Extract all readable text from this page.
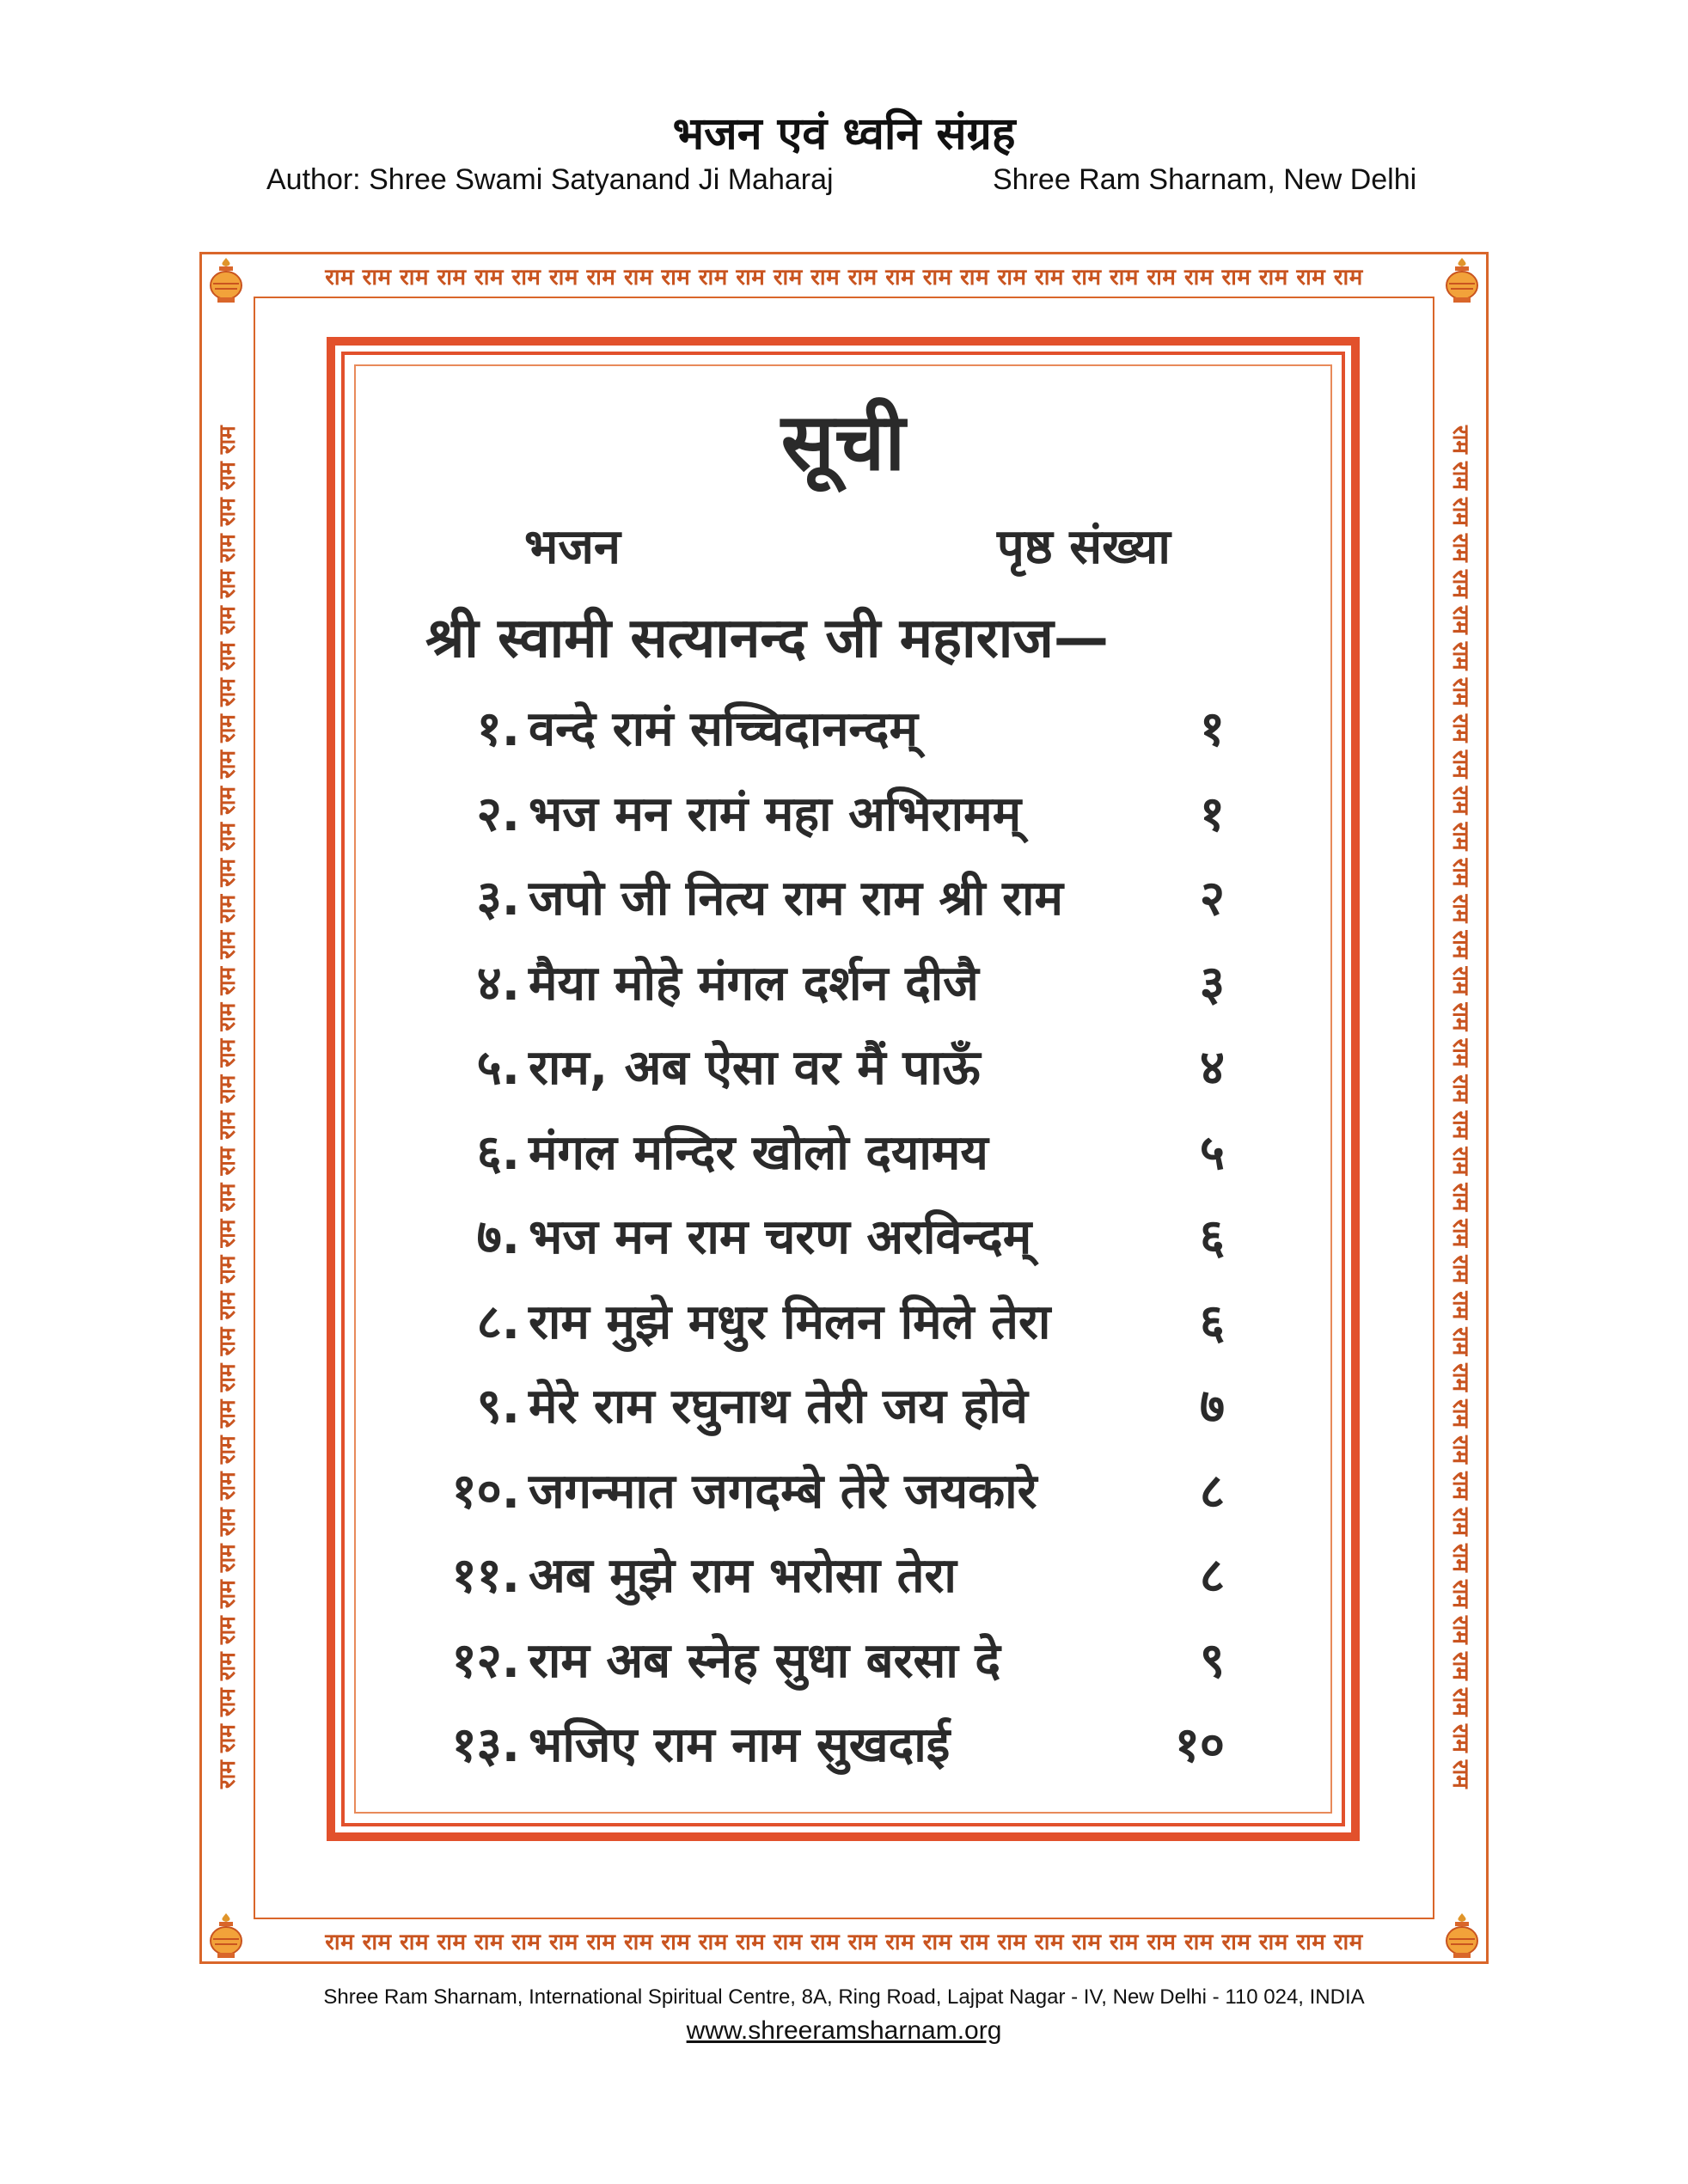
भजन एवं ध्वनि संग्रह
Author: Shree Swami Satyanand Ji Maharaj	Shree Ram Sharnam, New Delhi
राम राम राम राम राम राम राम राम राम राम राम राम राम राम राम राम राम राम राम राम राम राम राम राम राम राम राम राम
राम राम राम राम राम राम राम राम राम राम राम राम राम राम राम राम राम राम राम राम राम राम राम राम राम राम राम राम
राम राम राम राम राम राम राम राम राम राम राम राम राम राम राम राम राम राम राम राम राम राम राम राम राम राम राम राम राम राम राम राम राम राम राम राम राम राम	राम राम राम राम राम राम राम राम राम राम राम राम राम राम राम राम राम राम राम राम राम राम राम राम राम राम राम राम राम राम राम राम राम राम राम राम राम राम
सूची
भजन	पृष्ठ संख्या
श्री स्वामी सत्यानन्द जी महाराज—
१. वन्दे रामं सच्चिदानन्दम्	१
२. भज मन रामं महा अभिरामम्	१
३. जपो जी नित्य राम राम श्री राम	२
४. मैया मोहे मंगल दर्शन दीजै	३
५. राम, अब ऐसा वर मैं पाऊँ	४
६. मंगल मन्दिर खोलो दयामय	५
७. भज मन राम चरण अरविन्दम्	६
८. राम मुझे मधुर मिलन मिले तेरा	६
९. मेरे राम रघुनाथ तेरी जय होवे	७
१०. जगन्मात जगदम्बे तेरे जयकारे	८
११. अब मुझे राम भरोसा तेरा	८
१२. राम अब स्नेह सुधा बरसा दे	९
१३. भजिए राम नाम सुखदाई	१०
Shree Ram Sharnam, International Spiritual Centre, 8A, Ring Road, Lajpat Nagar - IV, New Delhi - 110 024, INDIA
www.shreeramsharnam.org
